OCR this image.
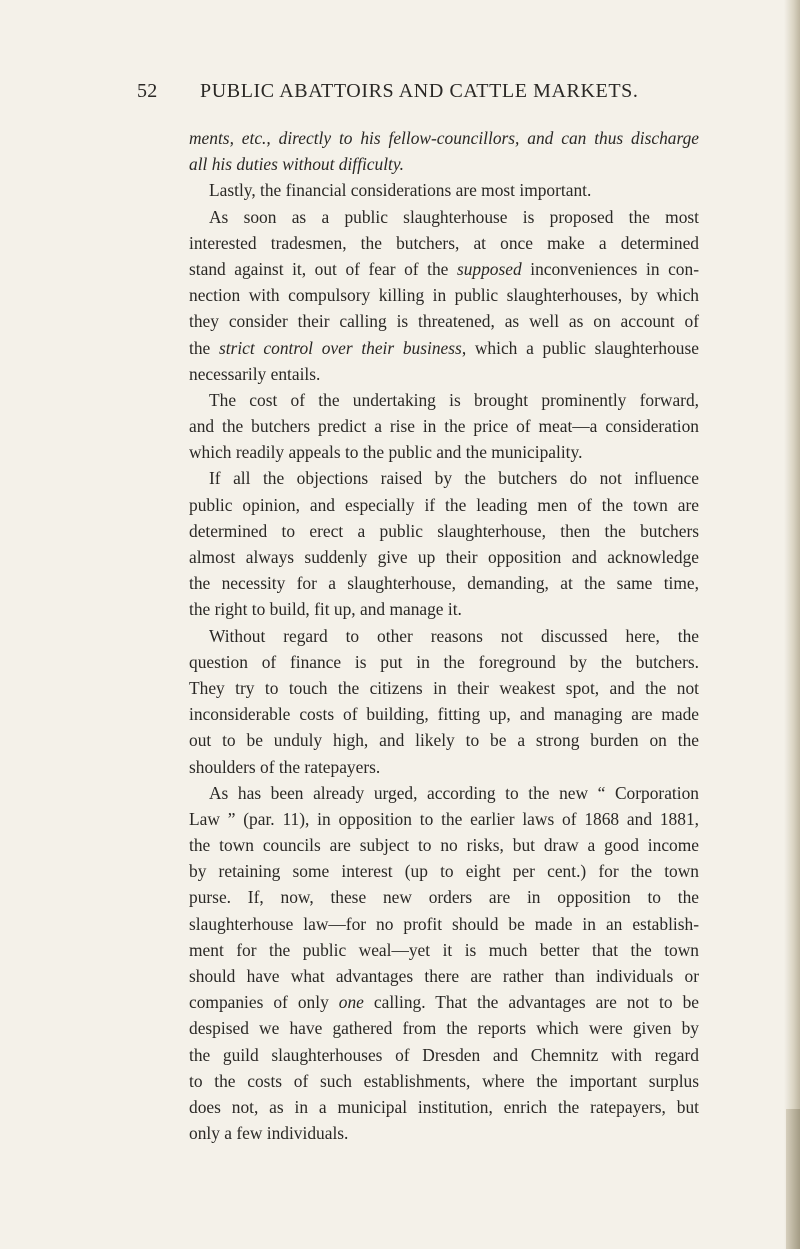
52 PUBLIC ABATTOIRS AND CATTLE MARKETS.
ments, etc., directly to his fellow-councillors, and can thus discharge
all his duties without difficulty.
Lastly, the financial considerations are most important.
As soon as a public slaughterhouse is proposed the most
interested tradesmen, the butchers, at once make a determined
stand against it, out of fear of the supposed inconveniences in con-
nection with compulsory killing in public slaughterhouses, by which
they consider their calling is threatened, as well as on account of
the strict control over their business, which a public slaughterhouse
necessarily entails.
The cost of the undertaking is brought prominently forward,
and the butchers predict a rise in the price of meat—a consideration
which readily appeals to the public and the municipality.
If all the objections raised by the butchers do not influence
public opinion, and especially if the leading men of the town are
determined to erect a public slaughterhouse, then the butchers
almost always suddenly give up their opposition and acknowledge
the necessity for a slaughterhouse, demanding, at the same time,
the right to build, fit up, and manage it.
Without regard to other reasons not discussed here, the
question of finance is put in the foreground by the butchers.
They try to touch the citizens in their weakest spot, and the not
inconsiderable costs of building, fitting up, and managing are made
out to be unduly high, and likely to be a strong burden on the
shoulders of the ratepayers.
As has been already urged, according to the new “ Corporation
Law ” (par. 11), in opposition to the earlier laws of 1868 and 1881,
the town councils are subject to no risks, but draw a good income
by retaining some interest (up to eight per cent.) for the town
purse. If, now, these new orders are in opposition to the
slaughterhouse law—for no profit should be made in an establish-
ment for the public weal—yet it is much better that the town
should have what advantages there are rather than individuals or
companies of only one calling. That the advantages are not to be
despised we have gathered from the reports which were given by
the guild slaughterhouses of Dresden and Chemnitz with regard
to the costs of such establishments, where the important surplus
does not, as in a municipal institution, enrich the ratepayers, but
only a few individuals.
